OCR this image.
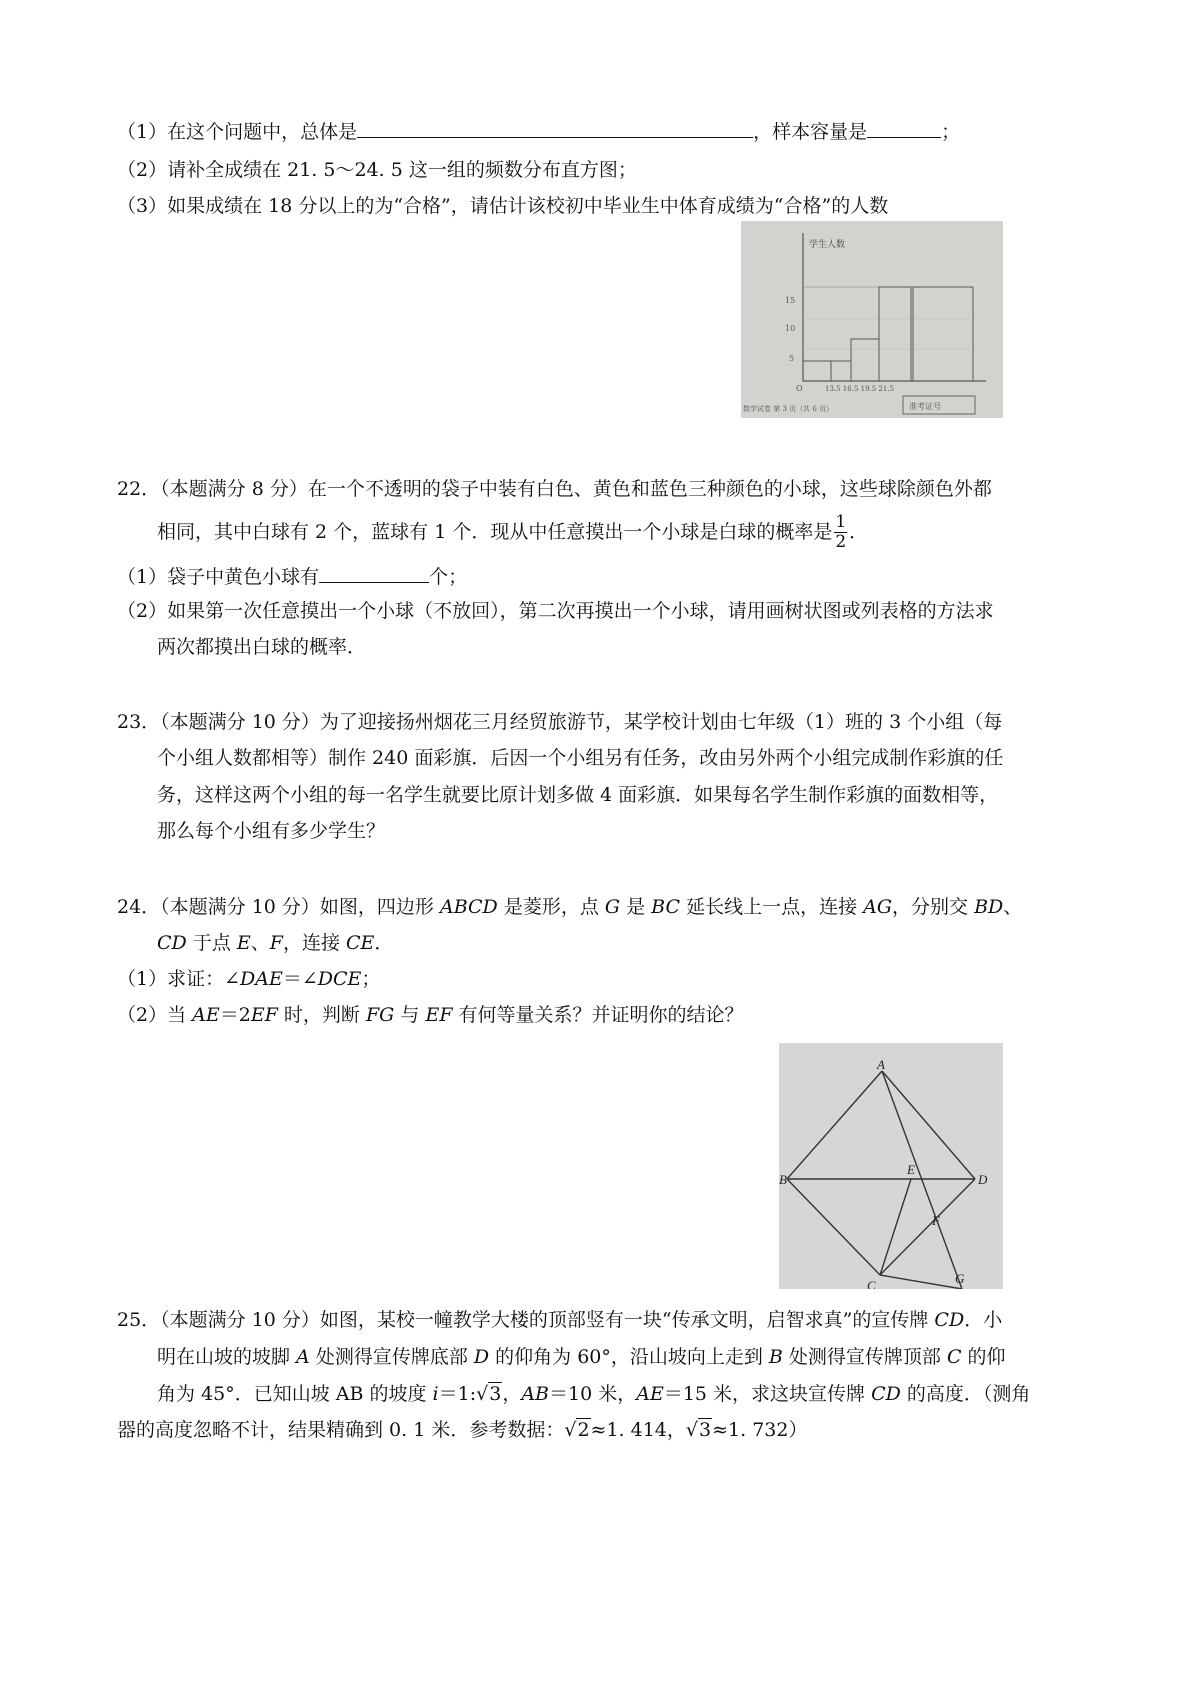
（1）在这个问题中，总体是	，样本容量是	；
（2）请补全成绩在 21. 5～24. 5 这一组的频数分布直方图；
（3）如果成绩在 18 分以上的为“合格”，请估计该校初中毕业生中体育成绩为“合格”的人数
学生人数
15
10
5
O	13.5 16.5 19.5 21.5
数学试卷 第 3 页（共 6 页）	准考证号
22．（本题满分 8 分）在一个不透明的袋子中装有白色、黄色和蓝色三种颜色的小球，这些球除颜色外都
相同，其中白球有 2 个，蓝球有 1 个．现从中任意摸出一个小球是白球的概率是 $\frac{1}{2}$ ．
（1）袋子中黄色小球有	个；
（2）如果第一次任意摸出一个小球（不放回），第二次再摸出一个小球，请用画树状图或列表格的方法求
两次都摸出白球的概率．
23．（本题满分 10 分）为了迎接扬州烟花三月经贸旅游节，某学校计划由七年级（1）班的 3 个小组（每
个小组人数都相等）制作 240 面彩旗．后因一个小组另有任务，改由另外两个小组完成制作彩旗的任
务，这样这两个小组的每一名学生就要比原计划多做 4 面彩旗．如果每名学生制作彩旗的面数相等，
那么每个小组有多少学生？
24．（本题满分 10 分）如图，四边形 ABCD 是菱形，点 G 是 BC 延长线上一点，连接 AG，分别交 BD、
CD 于点 E、F，连接 CE．
（1）求证：∠DAE＝∠DCE；
（2）当 AE＝2EF 时，判断 FG 与 EF 有何等量关系？并证明你的结论？
A
B
C
D
E
F
G
25．（本题满分 10 分）如图，某校一幢教学大楼的顶部竖有一块“传承文明，启智求真”的宣传牌 CD．小
明在山坡的坡脚 A 处测得宣传牌底部 D 的仰角为 60°，沿山坡向上走到 B 处测得宣传牌顶部 C 的仰
角为 45°．已知山坡 AB 的坡度 i＝1:√3，AB＝10 米，AE＝15 米，求这块宣传牌 CD 的高度．（测角
器的高度忽略不计，结果精确到 0. 1 米．参考数据：√2≈1. 414，√3≈1. 732）
